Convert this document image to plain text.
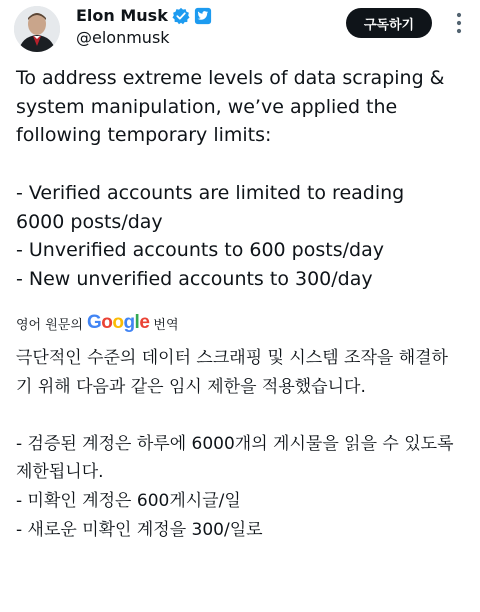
Elon Musk
@elonmusk
구독하기

To address extreme levels of data scraping & system manipulation, we’ve applied the following temporary limits:

- Verified accounts are limited to reading 6000 posts/day
- Unverified accounts to 600 posts/day
- New unverified accounts to 300/day

영어 원문의 Google 번역

극단적인 수준의 데이터 스크래핑 및 시스템 조작을 해결하기 위해 다음과 같은 임시 제한을 적용했습니다.

- 검증된 계정은 하루에 6000개의 게시물을 읽을 수 있도록 제한됩니다.
- 미확인 계정은 600게시글/일
- 새로운 미확인 계정을 300/일로
